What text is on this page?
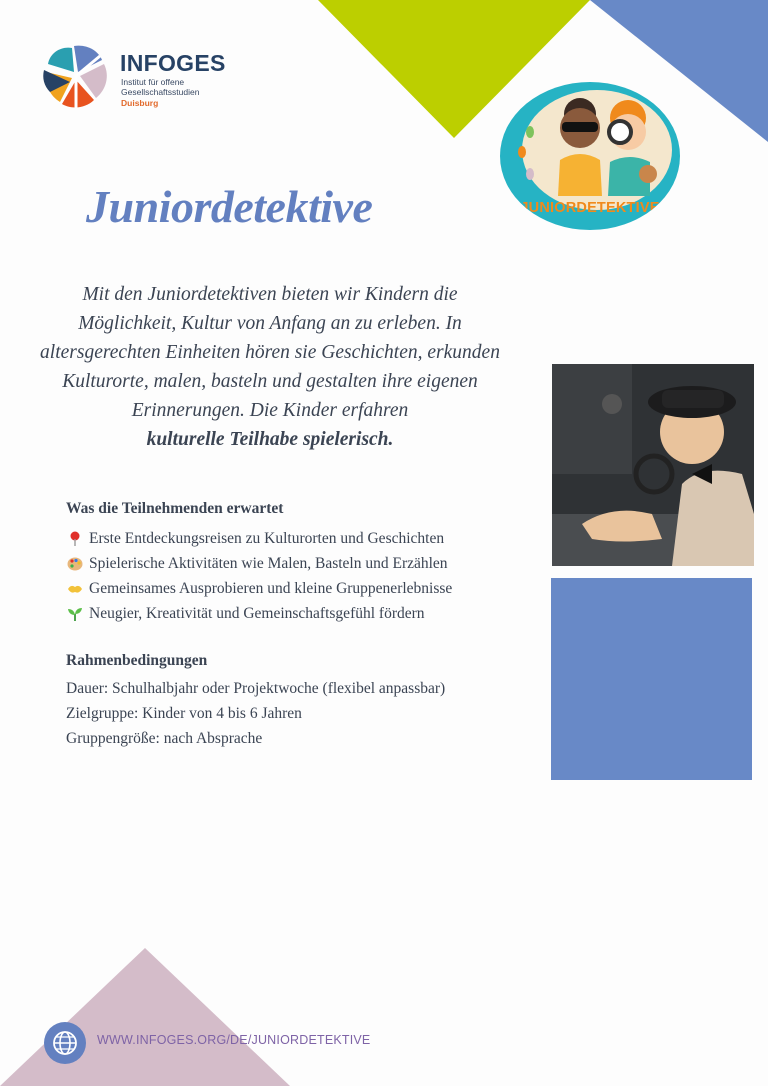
INFOGES
Institut für offene
Gesellschaftsstudien
Duisburg
JUNIORDETEKTIVE
Juniordetektive
Mit den Juniordetektiven bieten wir Kindern die Möglichkeit, Kultur von Anfang an zu erleben. In altersgerechten Einheiten hören sie Geschichten, erkunden Kulturorte, malen, basteln und gestalten ihre eigenen Erinnerungen. Die Kinder erfahren
kulturelle Teilhabe spielerisch.
Was die Teilnehmenden erwartet
Erste Entdeckungsreisen zu Kulturorten und Geschichten
Spielerische Aktivitäten wie Malen, Basteln und Erzählen
Gemeinsames Ausprobieren und kleine Gruppenerlebnisse
Neugier, Kreativität und Gemeinschaftsgefühl fördern
Rahmenbedingungen
Dauer: Schulhalbjahr oder Projektwoche (flexibel anpassbar)
Zielgruppe: Kinder von 4 bis 6 Jahren
Gruppengröße: nach Absprache
WWW.INFOGES.ORG/DE/JUNIORDETEKTIVE
